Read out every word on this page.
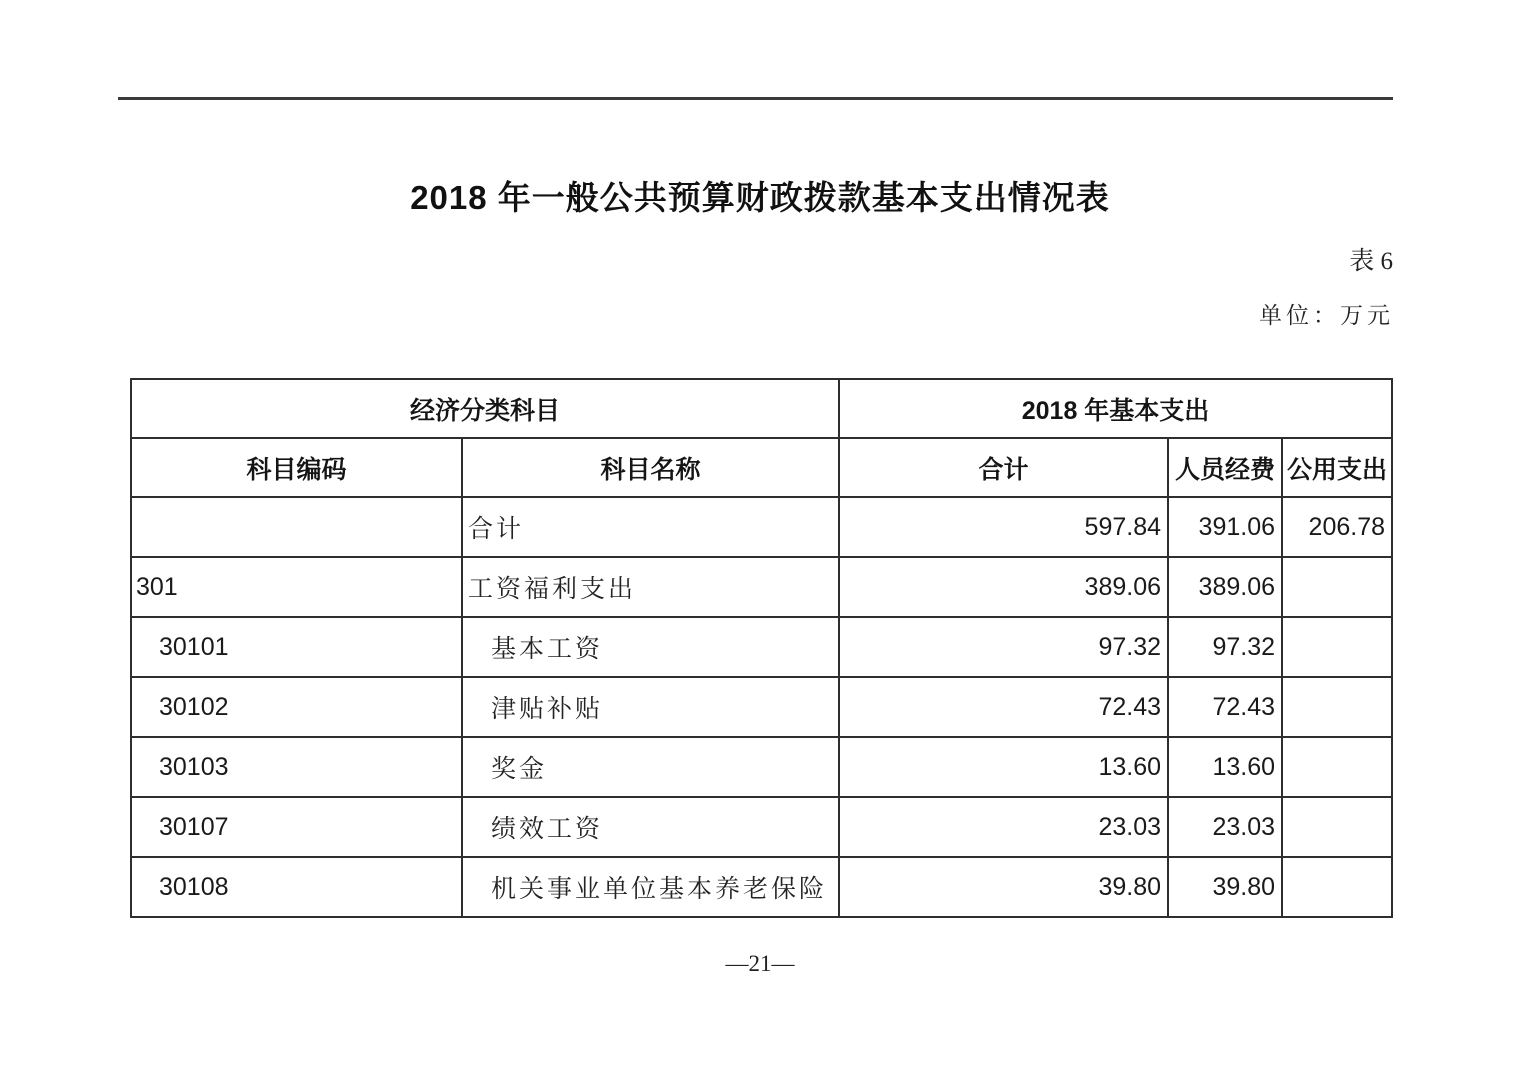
2018 年一般公共预算财政拨款基本支出情况表
表 6
单位：万元
经济分类科目		2018 年基本支出		
科目编码	科目名称	合计	人员经费	公用支出
	合计	597.84	391.06	206.78
301	工资福利支出	389.06	389.06	
30101	基本工资	97.32	97.32	
30102	津贴补贴	72.43	72.43	
30103	奖金	13.60	13.60	
30107	绩效工资	23.03	23.03	
30108	机关事业单位基本养老保险	39.80	39.80	
—21—
